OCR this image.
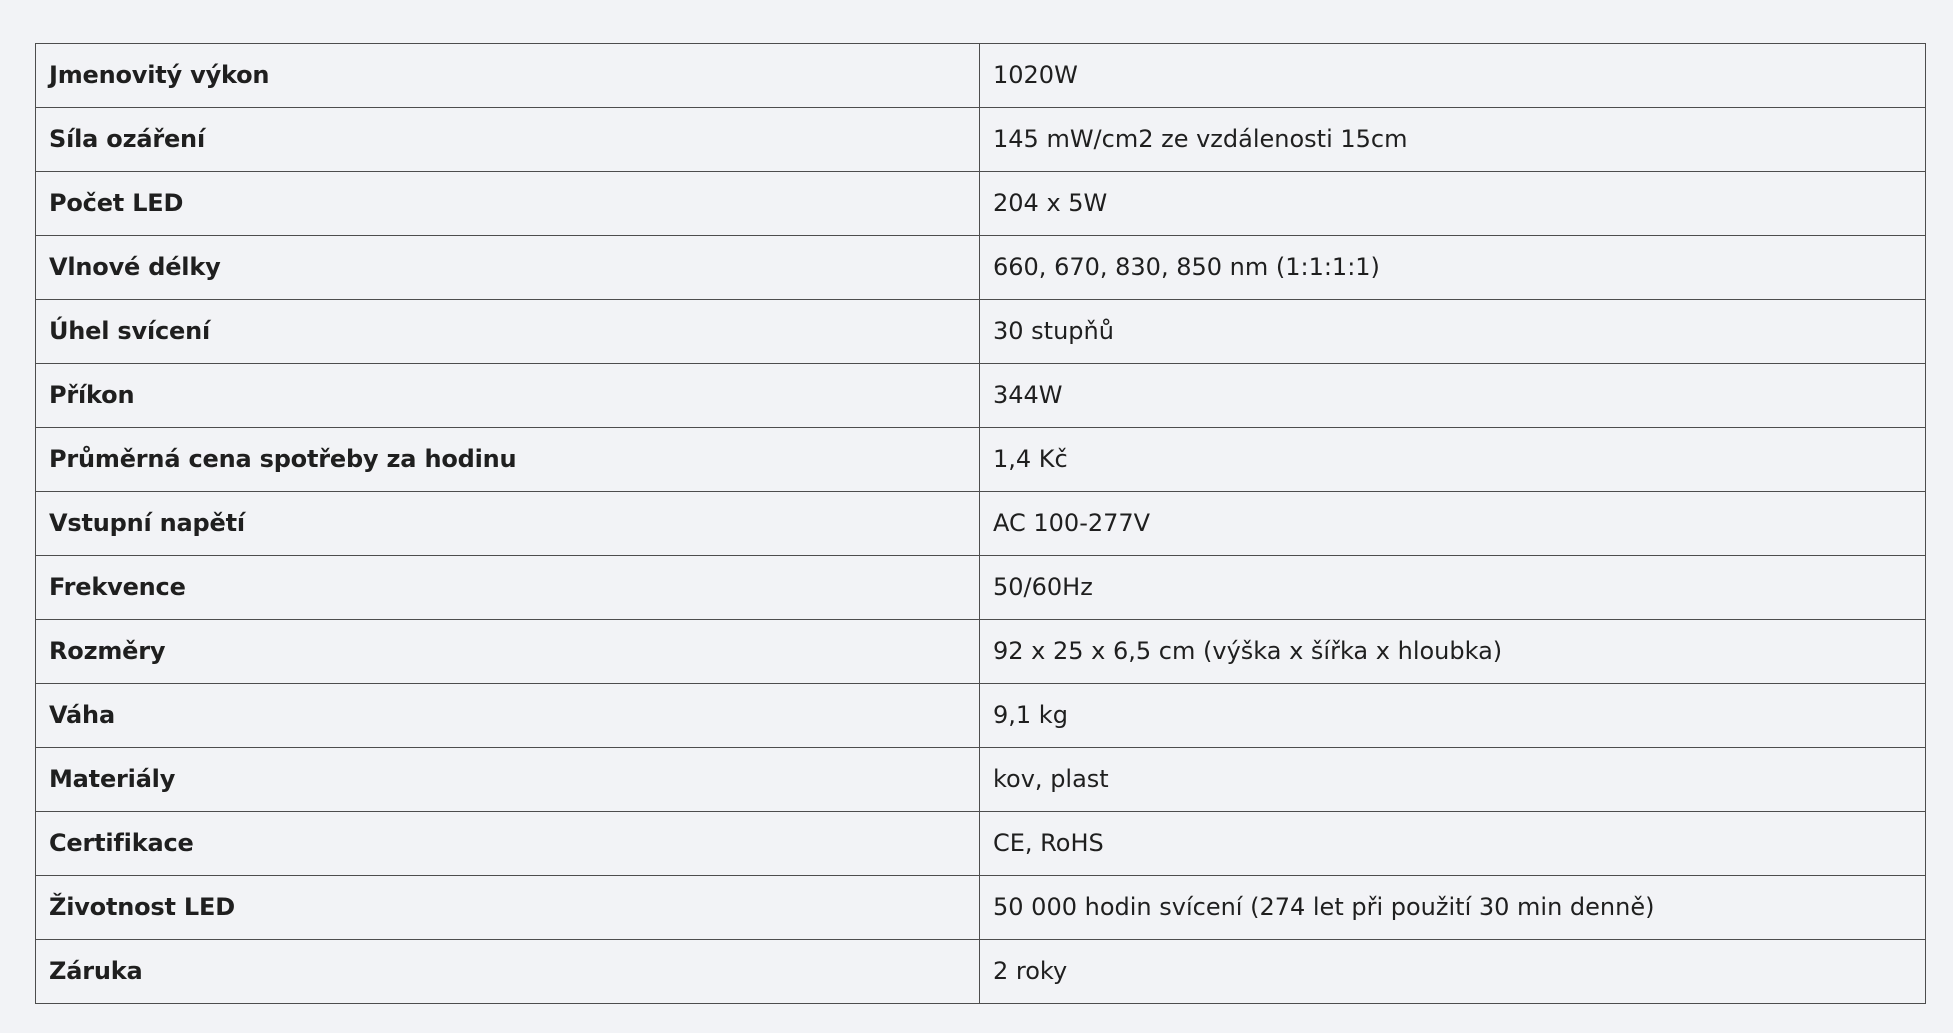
Jmenovitý výkon	1020W
Síla ozáření	145 mW/cm2 ze vzdálenosti 15cm
Počet LED	204 x 5W
Vlnové délky	660, 670, 830, 850 nm (1:1:1:1)
Úhel svícení	30 stupňů
Příkon	344W
Průměrná cena spotřeby za hodinu	1,4 Kč
Vstupní napětí	AC 100-277V
Frekvence	50/60Hz
Rozměry	92 x 25 x 6,5 cm (výška x šířka x hloubka)
Váha	9,1 kg
Materiály	kov, plast
Certifikace	CE, RoHS
Životnost LED	50 000 hodin svícení (274 let při použití 30 min denně)
Záruka	2 roky
